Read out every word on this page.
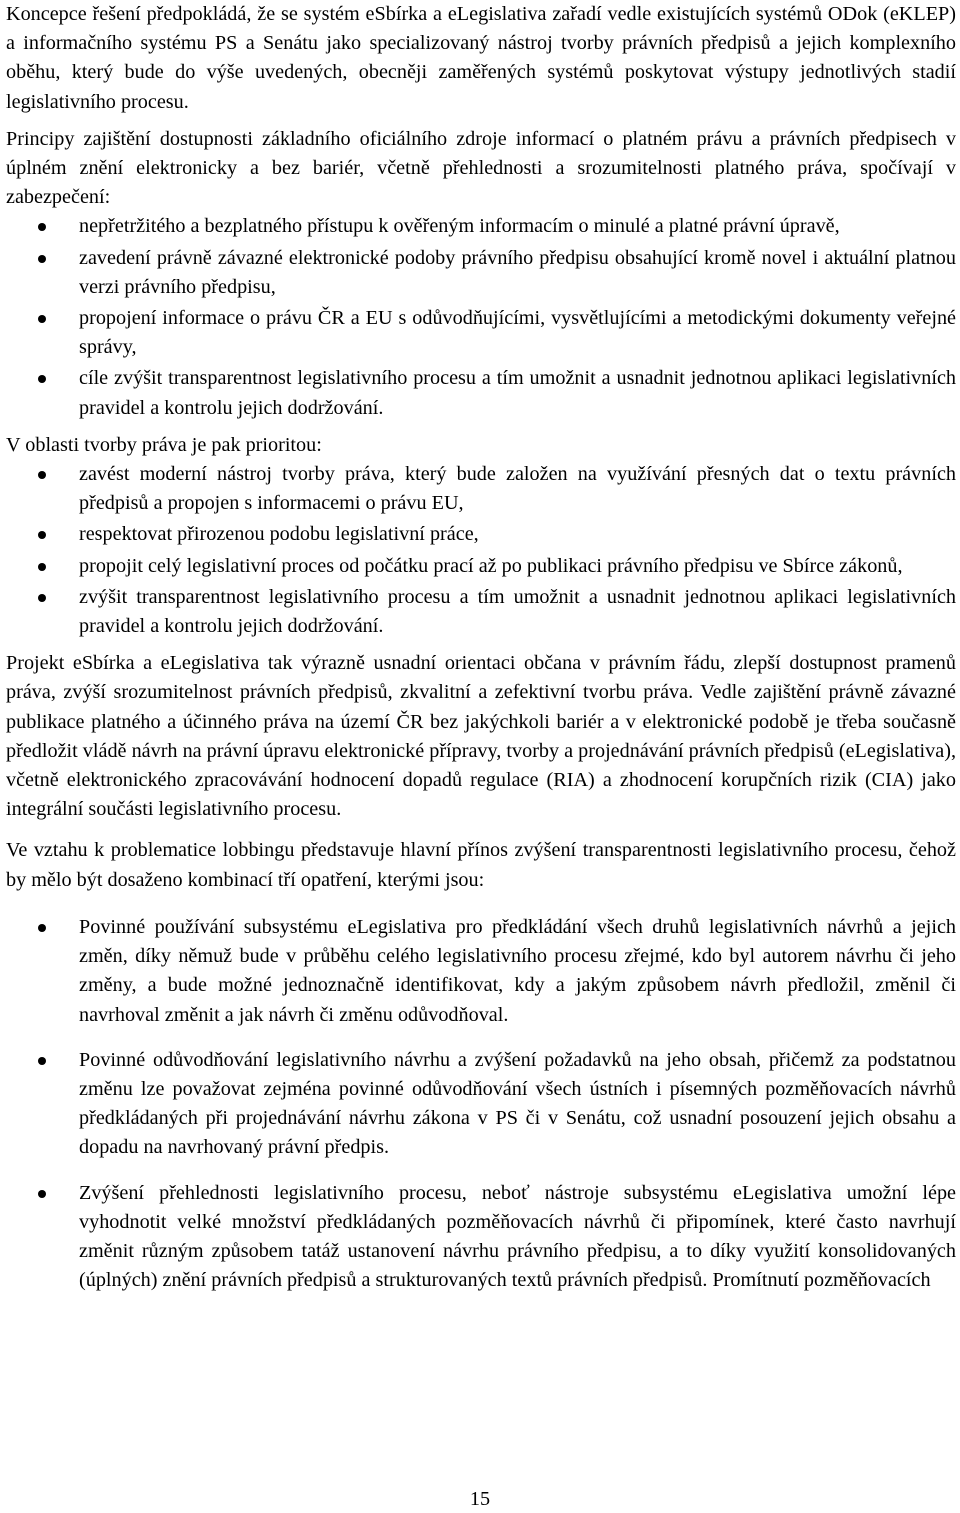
Koncepce řešení předpokládá, že se systém eSbírka a eLegislativa zařadí vedle existujících systémů ODok (eKLEP) a informačního systému PS a Senátu jako specializovaný nástroj tvorby právních předpisů a jejich komplexního oběhu, který bude do výše uvedených, obecněji zaměřených systémů poskytovat výstupy jednotlivých stadií legislativního procesu.

Principy zajištění dostupnosti základního oficiálního zdroje informací o platném právu a právních předpisech v úplném znění elektronicky a bez bariér, včetně přehlednosti a srozumitelnosti platného práva, spočívají v zabezpečení:

nepřetržitého a bezplatného přístupu k ověřeným informacím o minulé a platné právní úpravě,
zavedení právně závazné elektronické podoby právního předpisu obsahující kromě novel i aktuální platnou verzi právního předpisu,
propojení informace o právu ČR a EU s odůvodňujícími, vysvětlujícími a metodickými dokumenty veřejné správy,
cíle zvýšit transparentnost legislativního procesu a tím umožnit a usnadnit jednotnou aplikaci legislativních pravidel a kontrolu jejich dodržování.

V oblasti tvorby práva je pak prioritou:

zavést moderní nástroj tvorby práva, který bude založen na využívání přesných dat o textu právních předpisů a propojen s informacemi o právu EU,
respektovat přirozenou podobu legislativní práce,
propojit celý legislativní proces od počátku prací až po publikaci právního předpisu ve Sbírce zákonů,
zvýšit transparentnost legislativního procesu a tím umožnit a usnadnit jednotnou aplikaci legislativních pravidel a kontrolu jejich dodržování.

Projekt eSbírka a eLegislativa tak výrazně usnadní orientaci občana v právním řádu, zlepší dostupnost pramenů práva, zvýší srozumitelnost právních předpisů, zkvalitní a zefektivní tvorbu práva. Vedle zajištění právně závazné publikace platného a účinného práva na území ČR bez jakýchkoli bariér a v elektronické podobě je třeba současně předložit vládě návrh na právní úpravu elektronické přípravy, tvorby a projednávání právních předpisů (eLegislativa), včetně elektronického zpracovávání hodnocení dopadů regulace (RIA) a zhodnocení korupčních rizik (CIA) jako integrální součásti legislativního procesu.

Ve vztahu k problematice lobbingu představuje hlavní přínos zvýšení transparentnosti legislativního procesu, čehož by mělo být dosaženo kombinací tří opatření, kterými jsou:

Povinné používání subsystému eLegislativa pro předkládání všech druhů legislativních návrhů a jejich změn, díky němuž bude v průběhu celého legislativního procesu zřejmé, kdo byl autorem návrhu či jeho změny, a bude možné jednoznačně identifikovat, kdy a jakým způsobem návrh předložil, změnil či navrhoval změnit a jak návrh či změnu odůvodňoval.
Povinné odůvodňování legislativního návrhu a zvýšení požadavků na jeho obsah, přičemž za podstatnou změnu lze považovat zejména povinné odůvodňování všech ústních i písemných pozměňovacích návrhů předkládaných při projednávání návrhu zákona v PS či v Senátu, což usnadní posouzení jejich obsahu a dopadu na navrhovaný právní předpis.
Zvýšení přehlednosti legislativního procesu, neboť nástroje subsystému eLegislativa umožní lépe vyhodnotit velké množství předkládaných pozměňovacích návrhů či připomínek, které často navrhují změnit různým způsobem tatáž ustanovení návrhu právního předpisu, a to díky využití konsolidovaných (úplných) znění právních předpisů a strukturovaných textů právních předpisů. Promítnutí pozměňovacích
15
